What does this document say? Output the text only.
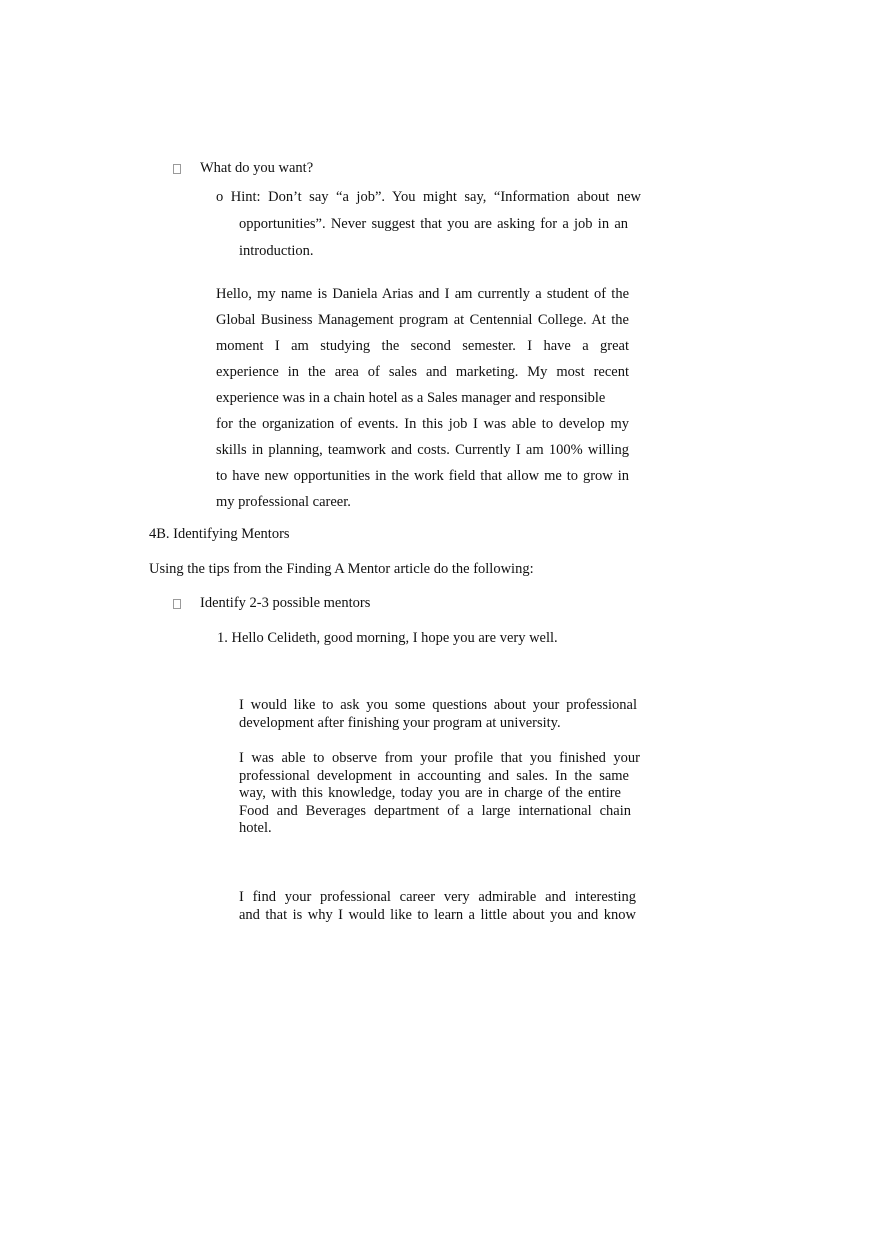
What do you want?
o Hint: Don’t say “a job”. You might say, “Information about new
opportunities”. Never suggest that you are asking for a job in an
introduction.
Hello, my name is Daniela Arias and I am currently a student of the
Global Business Management program at Centennial College. At the
moment I am studying the second semester. I have a great
experience in the area of sales and marketing. My most recent
experience was in a chain hotel as a Sales manager and responsible
for the organization of events. In this job I was able to develop my
skills in planning, teamwork and costs. Currently I am 100% willing
to have new opportunities in the work field that allow me to grow in
my professional career.
4B. Identifying Mentors
Using the tips from the Finding A Mentor article do the following:
Identify 2-3 possible mentors
1. Hello Celideth, good morning, I hope you are very well.
I would like to ask you some questions about your professional
development after finishing your program at university.
I was able to observe from your profile that you finished your
professional development in accounting and sales. In the same
way, with this knowledge, today you are in charge of the entire
Food and Beverages department of a large international chain
hotel.
I find your professional career very admirable and interesting
and that is why I would like to learn a little about you and know
